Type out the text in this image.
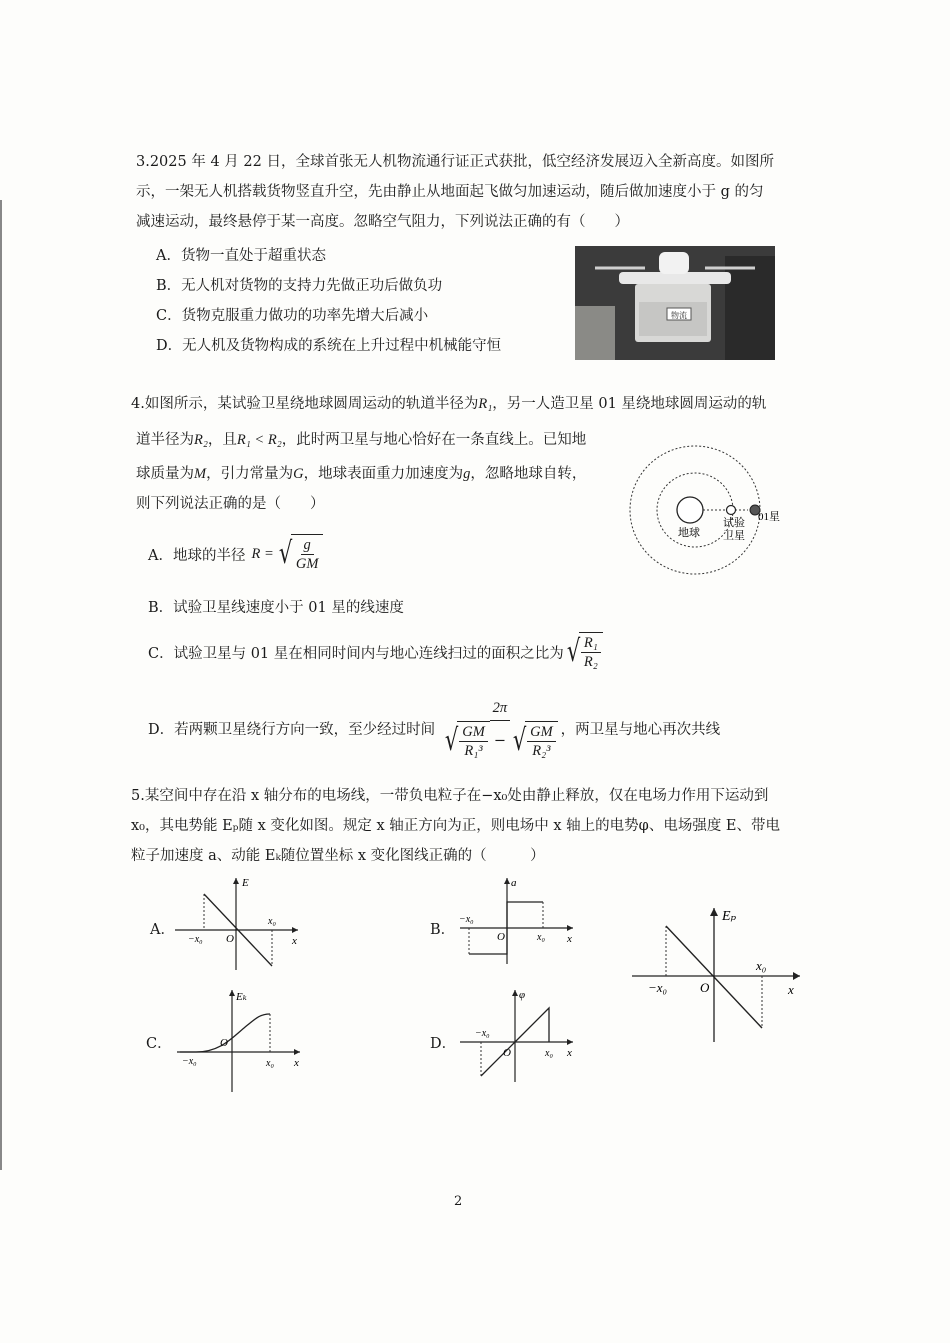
3.2025 年 4 月 22 日，全球首张无人机物流通行证正式获批，低空经济发展迈入全新高度。如图所
示，一架无人机搭载货物竖直升空，先由静止从地面起飞做匀加速运动，随后做加速度小于 g 的匀
减速运动，最终悬停于某一高度。忽略空气阻力，下列说法正确的有（　　）
A．货物一直处于超重状态
B．无人机对货物的支持力先做正功后做负功
C．货物克服重力做功的功率先增大后减小
D．无人机及货物构成的系统在上升过程中机械能守恒
物流
4.如图所示，某试验卫星绕地球圆周运动的轨道半径为R₁，另一人造卫星 01 星绕地球圆周运动的轨
道半径为R₂，且R₁ < R₂，此时两卫星与地心恰好在一条直线上。已知地
球质量为M，引力常量为G，地球表面重力加速度为g，忽略地球自转，
则下列说法正确的是（　　）
A．地球的半径 R = √ $\frac{g}{GM}$
B．试验卫星线速度小于 01 星的线速度
C．试验卫星与 01 星在相同时间内与地心连线扫过的面积之比为 √ $\frac{\text{R₁}}{\text{R₂}}$
D．若两颗卫星绕行方向一致，至少经过时间 $\frac{2\pi}{√ \frac{GM}{\text{R₁³}} - √ \frac{GM}{\text{R₂³}}}$ ，两卫星与地心再次共线
地球
试验
卫星
01星
5.某空间中存在沿 x 轴分布的电场线，一带负电粒子在−x₀处由静止释放，仅在电场力作用下运动到
x₀，其电势能 Eₚ随 x 变化如图。规定 x 轴正方向为正，则电场中 x 轴上的电势φ、电场强度 E、带电
粒子加速度 a、动能 Eₖ随位置坐标 x 变化图线正确的（　　　）
A．	B．
C．	D．
E
x
O
−x₀
x₀
a
x
O
−x₀
x₀
Eₚ
x
O
−x₀
x₀
Eₖ
x
O
−x₀	x₀
φ
x
O
−x₀
x₀
2
